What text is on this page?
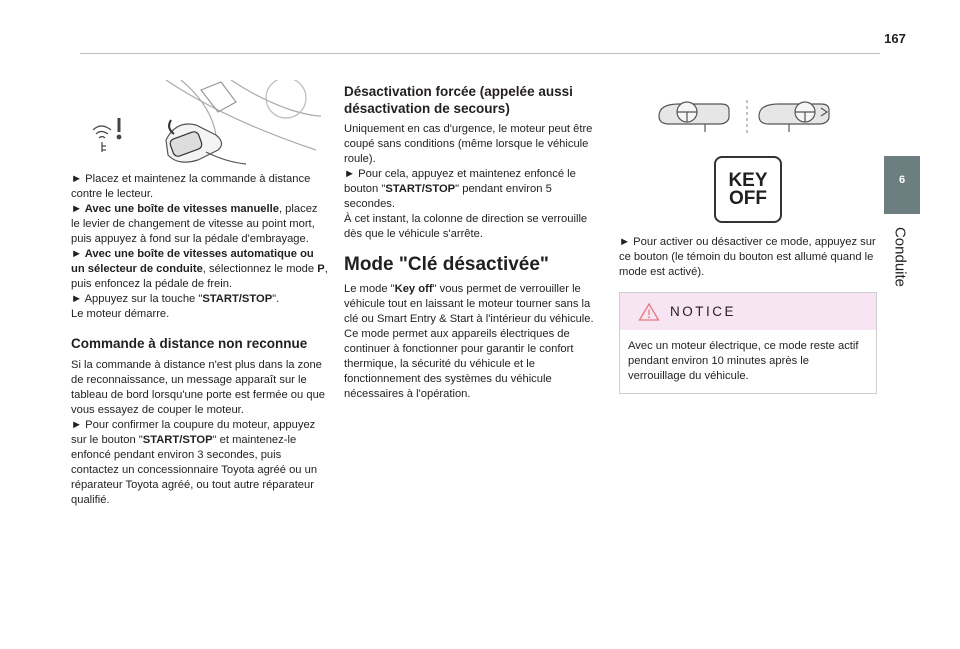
167
6
Conduite
► Placez et maintenez la commande à distance contre le lecteur.
► Avec une boîte de vitesses manuelle, placez le levier de changement de vitesse au point mort, puis appuyez à fond sur la pédale d'embrayage.
► Avec une boîte de vitesses automatique ou un sélecteur de conduite, sélectionnez le mode P, puis enfoncez la pédale de frein.
► Appuyez sur la touche "START/STOP".
Le moteur démarre.
Commande à distance non reconnue
Si la commande à distance n'est plus dans la zone de reconnaissance, un message apparaît sur le tableau de bord lorsqu'une porte est fermée ou que vous essayez de couper le moteur.
► Pour confirmer la coupure du moteur, appuyez sur le bouton "START/STOP" et maintenez-le enfoncé pendant environ 3 secondes, puis contactez un concessionnaire Toyota agréé ou un réparateur Toyota agréé, ou tout autre réparateur qualifié.
Désactivation forcée (appelée aussi désactivation de secours)
Uniquement en cas d'urgence, le moteur peut être coupé sans conditions (même lorsque le véhicule roule).
► Pour cela, appuyez et maintenez enfoncé le bouton "START/STOP" pendant environ 5 secondes.
À cet instant, la colonne de direction se verrouille dès que le véhicule s'arrête.
Mode "Clé désactivée"
Le mode "Key off" vous permet de verrouiller le véhicule tout en laissant le moteur tourner sans la clé ou Smart Entry & Start à l'intérieur du véhicule.
Ce mode permet aux appareils électriques de continuer à fonctionner pour garantir le confort thermique, la sécurité du véhicule et le fonctionnement des systèmes du véhicule nécessaires à l'opération.
KEY
OFF
► Pour activer ou désactiver ce mode, appuyez sur ce bouton (le témoin du bouton est allumé quand le mode est activé).
NOTICE
Avec un moteur électrique, ce mode reste actif pendant environ 10 minutes après le verrouillage du véhicule.
